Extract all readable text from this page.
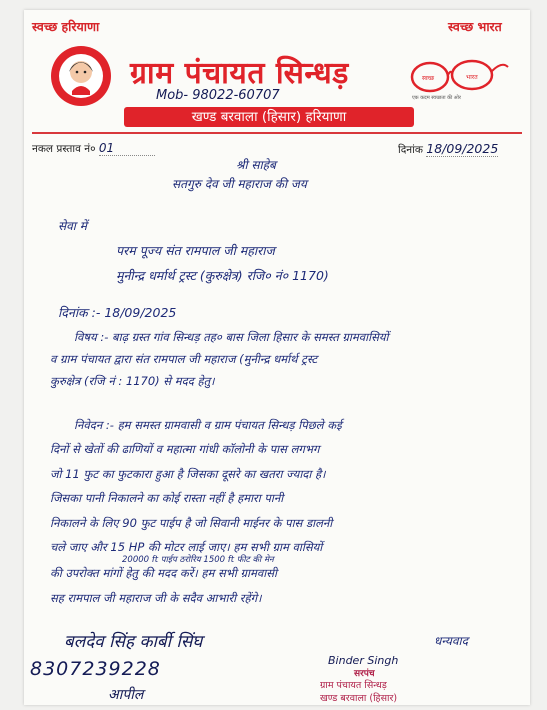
स्वच्छ हरियाणा	स्वच्छ भारत
ग्राम पंचायत सिन्धड़
Mob- 98022-60707
स्वच्छ	भारत
एक कदम स्वच्छता की ओर
खण्ड बरवाला (हिसार) हरियाणा
नकल प्रस्ताव नं० 01	दिनांक 18/09/2025
श्री साहेब
सतगुरु देव जी महाराज की जय
सेवा में
परम पूज्य संत रामपाल जी महाराज
मुनीन्द्र धर्मार्थ ट्रस्ट (कुरुक्षेत्र) रजि० नं० 1170)
दिनांक :- 18/09/2025
विषय :- बाढ़ ग्रस्त गांव सिन्धड़ तह० बास जिला हिसार के समस्त ग्रामवासियों
व ग्राम पंचायत द्वारा संत रामपाल जी महाराज (मुनीन्द्र धर्मार्थ ट्रस्ट
कुरुक्षेत्र (रजि नं : 1170) से मदद हेतु।
निवेदन :- हम समस्त ग्रामवासी व ग्राम पंचायत सिन्धड़ पिछले कई
दिनों से खेतों की ढाणियों व महात्मा गांधी कॉलोनी के पास लगभग
जो 11 फुट का फुटकारा हुआ है जिसका दूसरे का खतरा ज्यादा है।
जिसका पानी निकालने का कोई रास्ता नहीं है हमारा पानी
निकालने के लिए 90 फुट पाईप है जो सिवानी माईनर के पास डालनी
चले जाए और 15 HP की मोटर लाई जाए। हम सभी ग्राम वासियों
20000 ft पाईप ठरोरिय 1500 ft फीट की मेन
की उपरोक्त मांगों हेतु की मदद करें। हम सभी ग्रामवासी
सह रामपाल जी महाराज जी के सदैव आभारी रहेंगे।
धन्यवाद
बलदेव सिंह कार्बी सिंघ
8307239228
आपील
Binder Singh
सरपंच
ग्राम पंचायत सिन्धड़
खण्ड बरवाला (हिसार)
